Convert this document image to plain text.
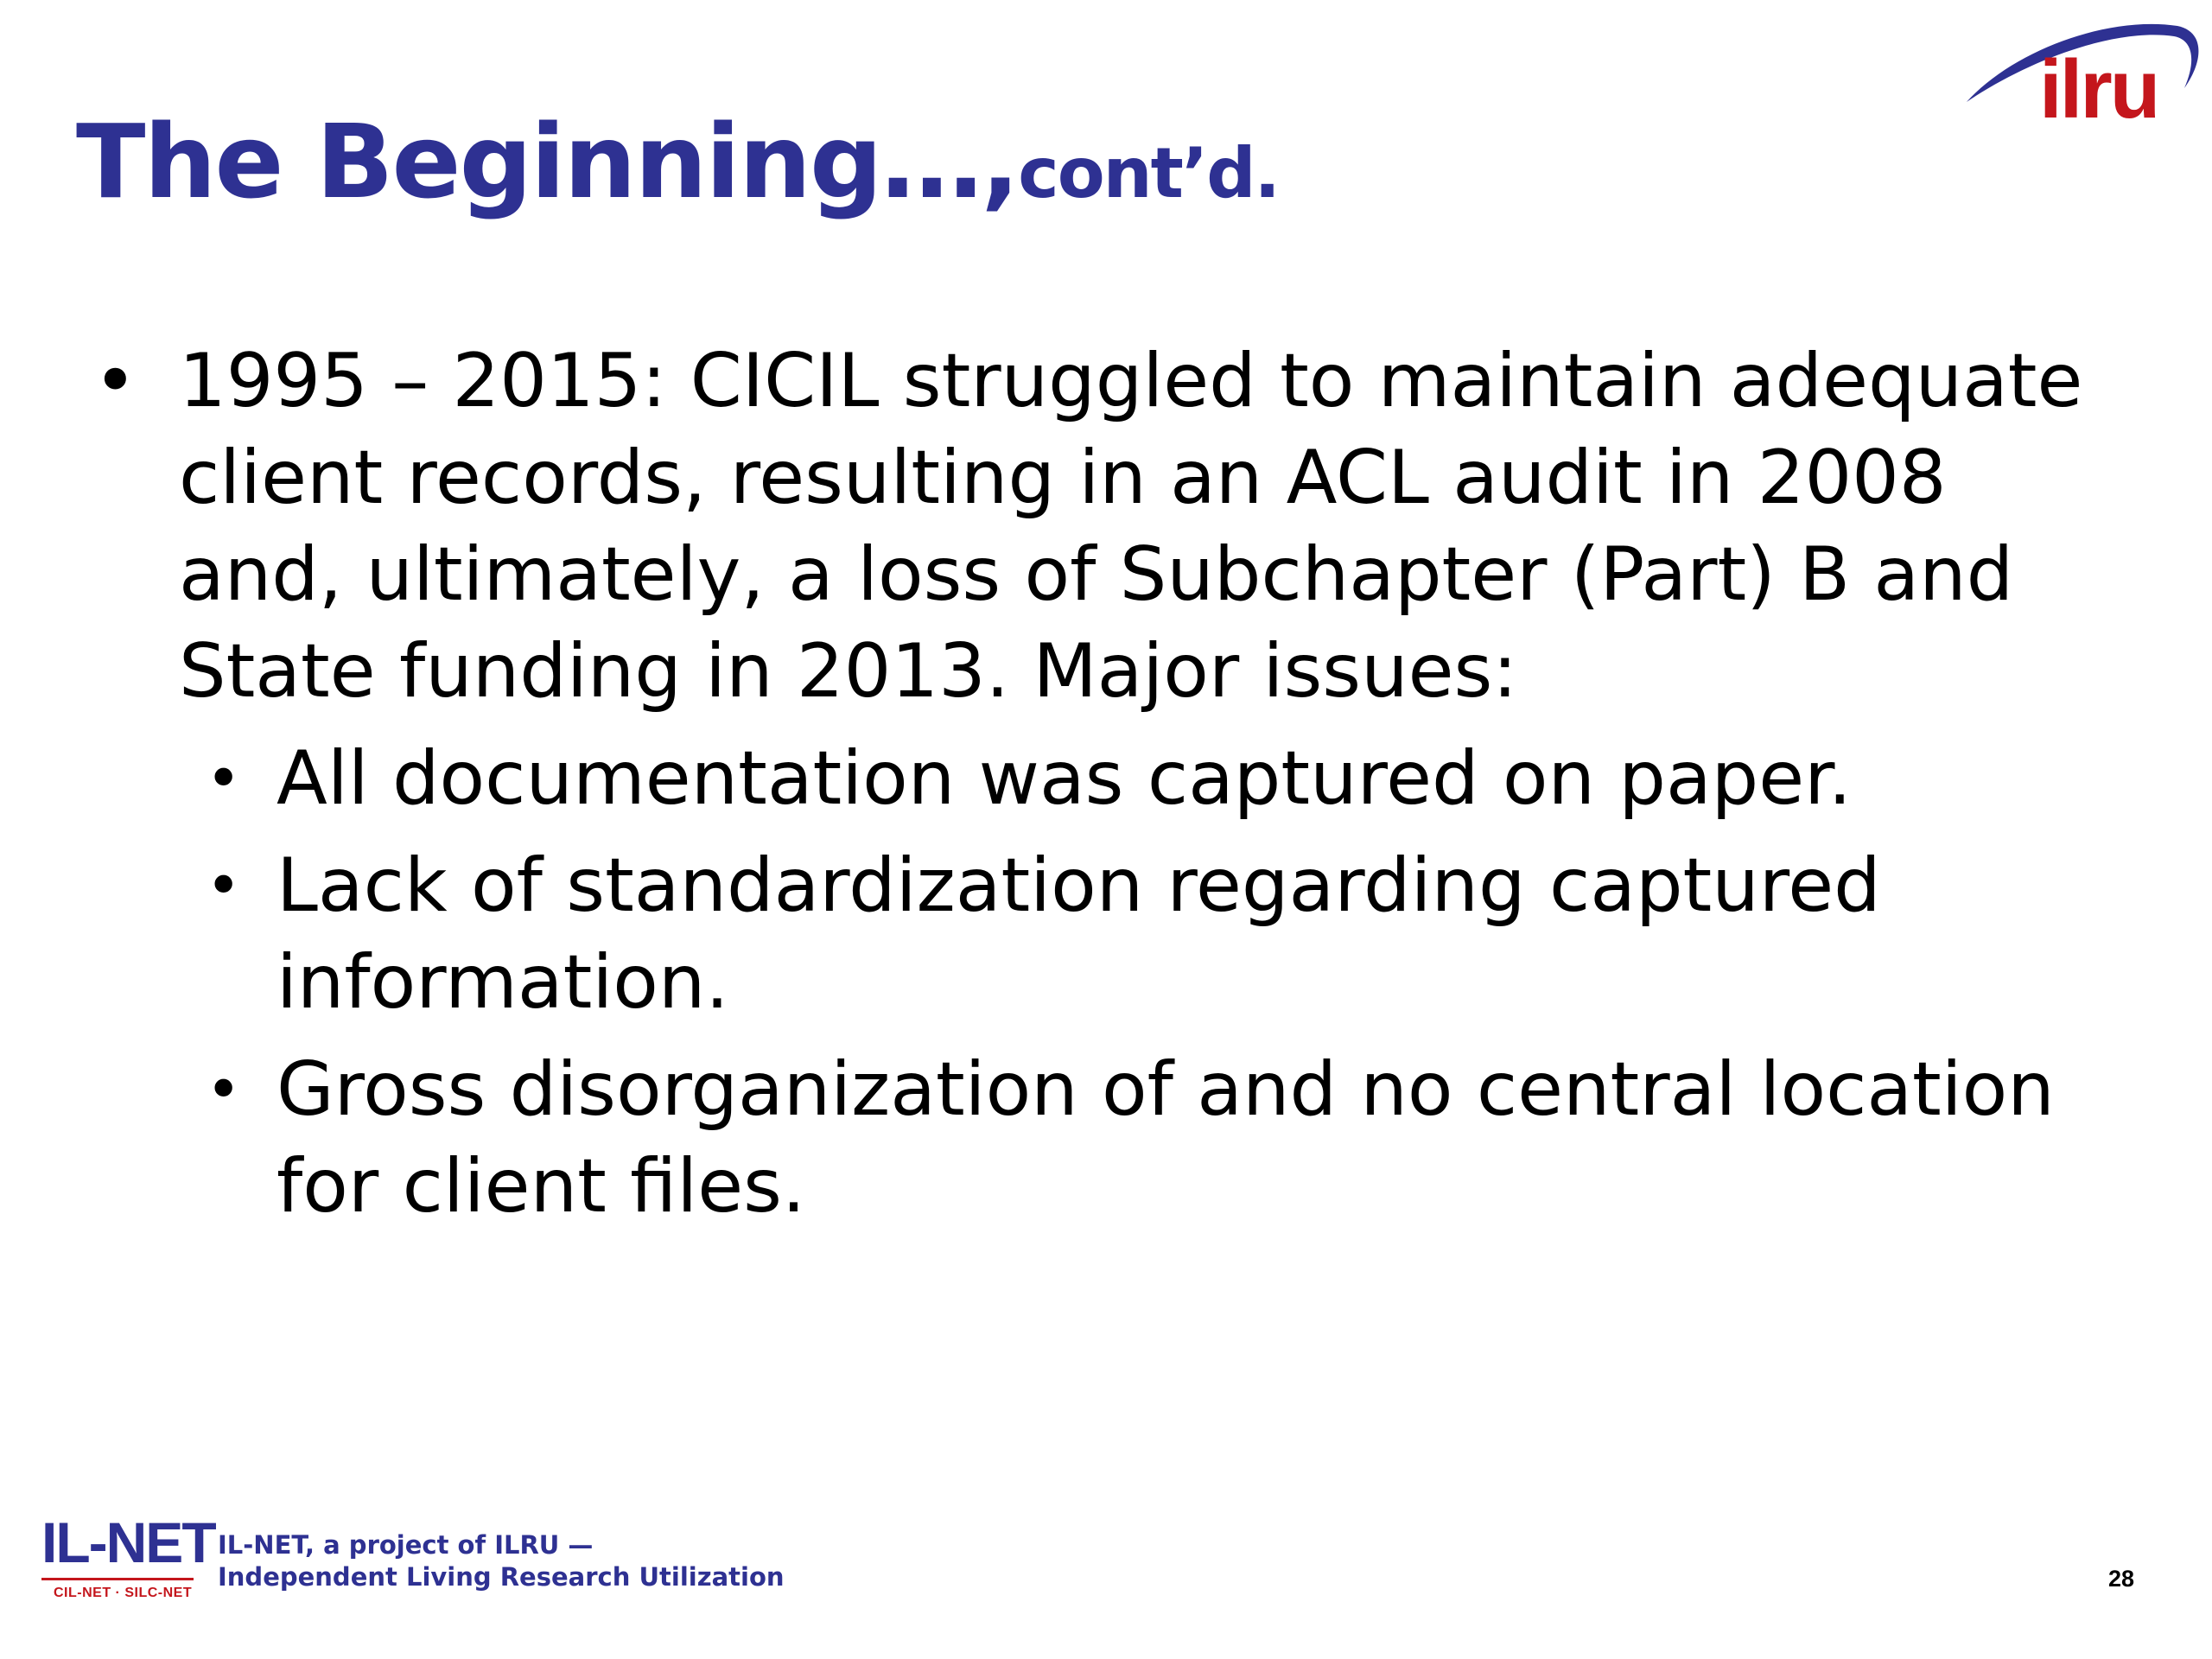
The Beginning…,cont’d.
ilru
• 1995 – 2015: CICIL struggled to maintain adequate client records, resulting in an ACL audit in 2008 and, ultimately, a loss of Subchapter (Part) B and State funding in 2013. Major issues:
• All documentation was captured on paper.
• Lack of standardization regarding captured information.
• Gross disorganization of and no central location for client files.
IL-NET
CIL-NET · SILC-NET
IL-NET, a project of ILRU —
Independent Living Research Utilization	28
